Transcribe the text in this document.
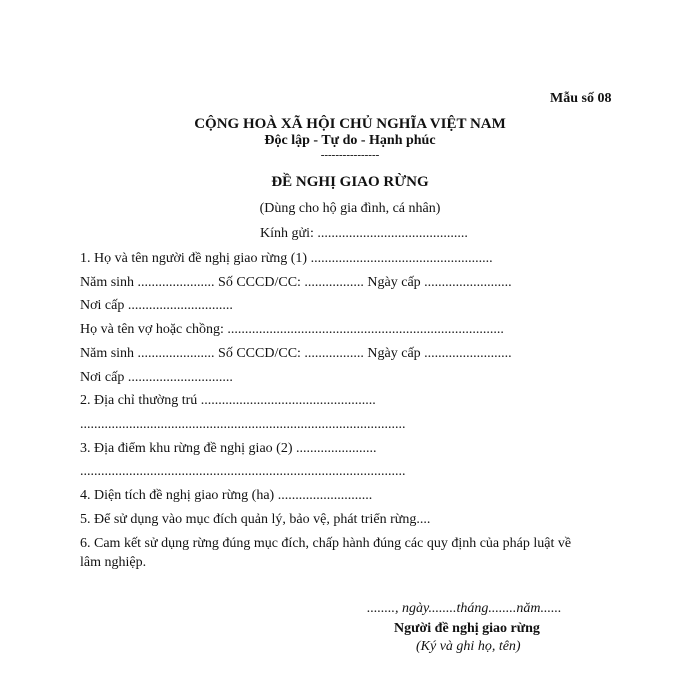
Mẫu số 08
CỘNG HOÀ XÃ HỘI CHỦ NGHĨA VIỆT NAM
Độc lập - Tự do - Hạnh phúc
----------------
ĐỀ NGHỊ GIAO RỪNG
(Dùng cho hộ gia đình, cá nhân)
Kính gửi: ...........................................
1. Họ và tên người đề nghị giao rừng (1) ....................................................
Năm sinh ...................... Số CCCD/CC: ................. Ngày cấp .........................
Nơi cấp ..............................
Họ và tên vợ hoặc chồng: ...............................................................................
Năm sinh ...................... Số CCCD/CC: ................. Ngày cấp .........................
Nơi cấp ..............................
2. Địa chỉ thường trú ..................................................
.............................................................................................
3. Địa điểm khu rừng đề nghị giao (2) .......................
.............................................................................................
4. Diện tích đề nghị giao rừng (ha) ...........................
5. Để sử dụng vào mục đích quản lý, bảo vệ, phát triển rừng....
6. Cam kết sử dụng rừng đúng mục đích, chấp hành đúng các quy định của pháp luật về
lâm nghiệp.
........, ngày........tháng........năm......
Người đề nghị giao rừng
(Ký và ghi họ, tên)
